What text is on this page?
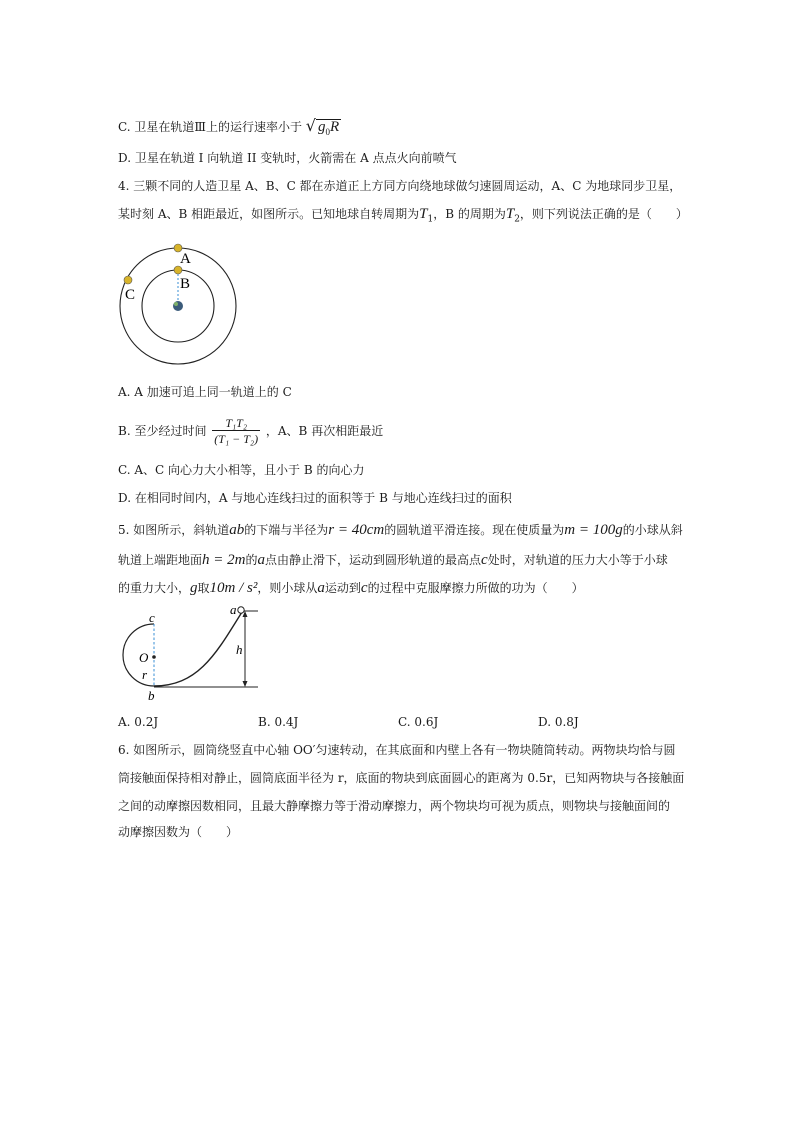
C. 卫星在轨道Ⅲ上的运行速率小于 √ $g_0R$
D. 卫星在轨道 I 向轨道 II 变轨时，火箭需在 A 点点火向前喷气
4. 三颗不同的人造卫星 A、B、C 都在赤道正上方同方向绕地球做匀速圆周运动，A、C 为地球同步卫星，
某时刻 A、B 相距最近，如图所示。已知地球自转周期为$T_1$，B 的周期为$T_2$，则下列说法正确的是（　　）
A
B
C
A. A 加速可追上同一轨道上的 C
B. 至少经过时间 $\frac{\text{T₁T₂}}{\text{(T₁ − T₂)}}$ ，A、B 再次相距最近
C. A、C 向心力大小相等，且小于 B 的向心力
D. 在相同时间内，A 与地心连线扫过的面积等于 B 与地心连线扫过的面积
5. 如图所示，斜轨道ab的下端与半径为r = 40cm的圆轨道平滑连接。现在使质量为m = 100g的小球从斜
轨道上端距地面h = 2m的a点由静止滑下，运动到圆形轨道的最高点c处时，对轨道的压力大小等于小球
的重力大小，g取10m / s²，则小球从a运动到c的过程中克服摩擦力所做的功为（　　）
a
c
O
r
b
h
A. 0.2J	B. 0.4J	C. 0.6J	D. 0.8J
6. 如图所示，圆筒绕竖直中心轴 OO′匀速转动，在其底面和内壁上各有一物块随筒转动。两物块均恰与圆
筒接触面保持相对静止，圆筒底面半径为 r，底面的物块到底面圆心的距离为 0.5r，已知两物块与各接触面
之间的动摩擦因数相同，且最大静摩擦力等于滑动摩擦力，两个物块均可视为质点，则物块与接触面间的
动摩擦因数为（　　）
